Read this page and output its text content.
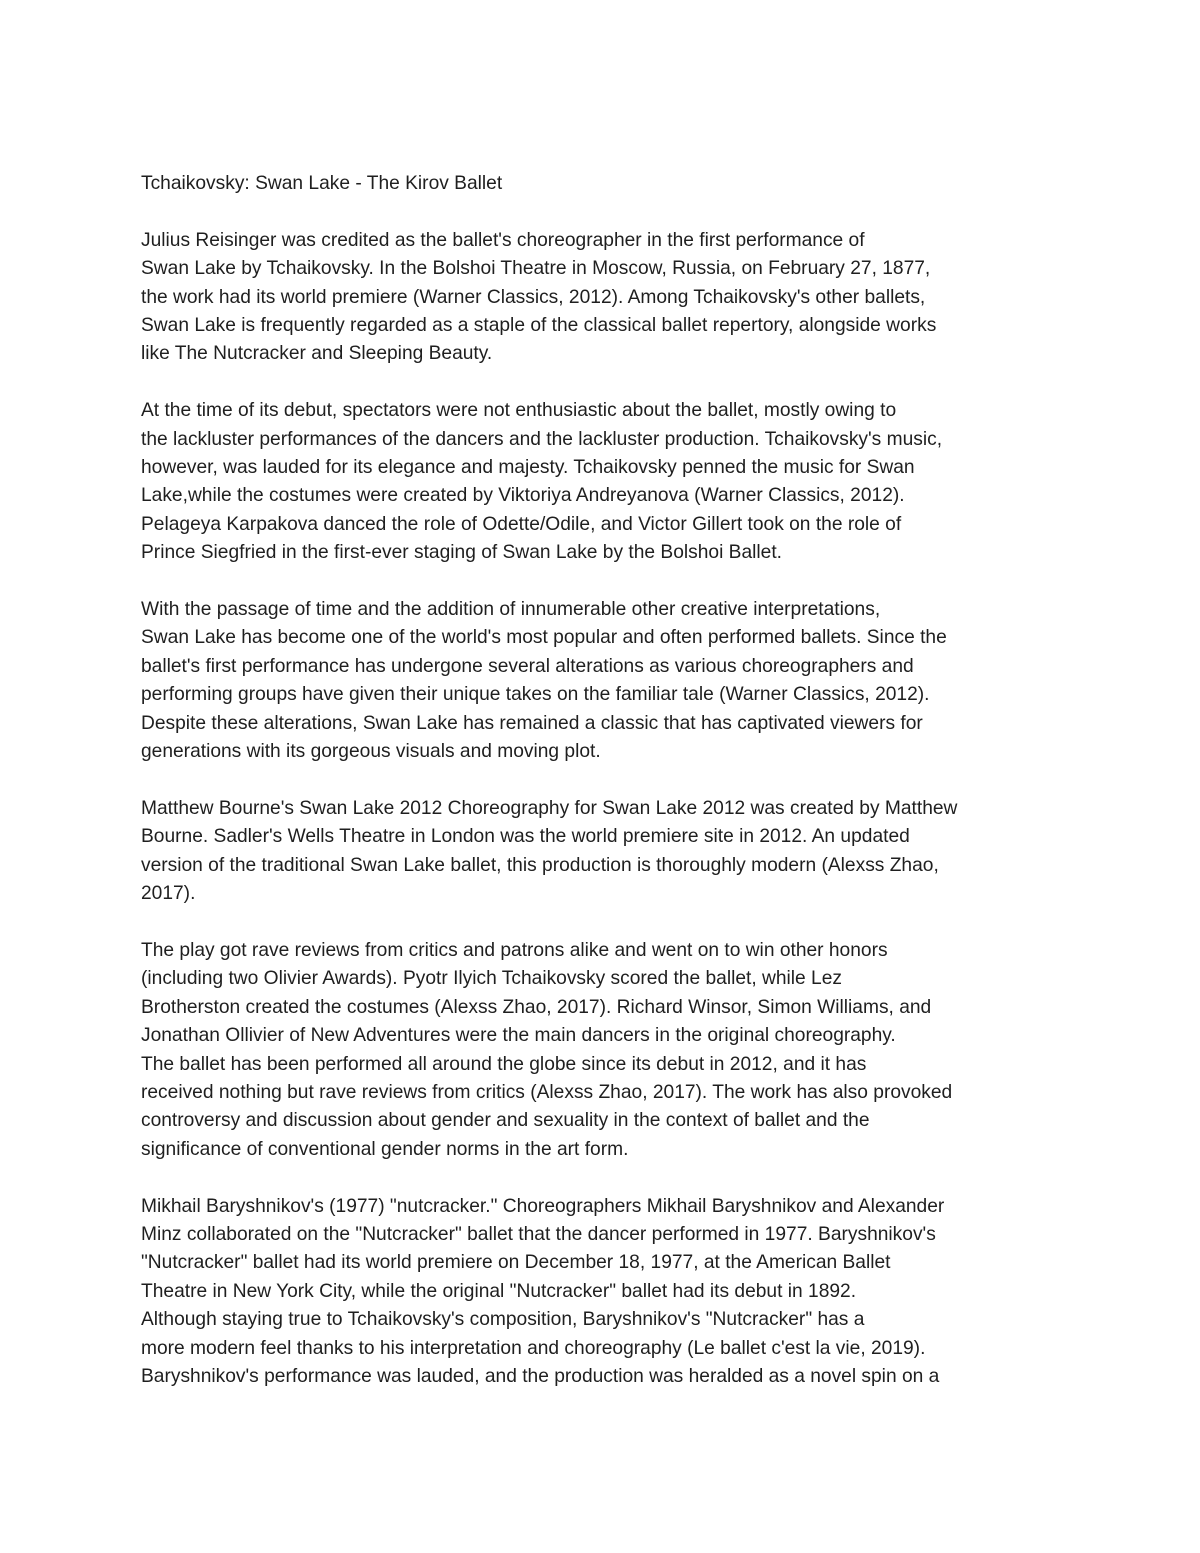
Tchaikovsky: Swan Lake - The Kirov Ballet
Julius Reisinger was credited as the ballet's choreographer in the first performance of
Swan Lake by Tchaikovsky. In the Bolshoi Theatre in Moscow, Russia, on February 27, 1877,
the work had its world premiere (Warner Classics, 2012). Among Tchaikovsky's other ballets,
Swan Lake is frequently regarded as a staple of the classical ballet repertory, alongside works
like The Nutcracker and Sleeping Beauty.
At the time of its debut, spectators were not enthusiastic about the ballet, mostly owing to
the lackluster performances of the dancers and the lackluster production. Tchaikovsky's music,
however, was lauded for its elegance and majesty. Tchaikovsky penned the music for Swan
Lake,while the costumes were created by Viktoriya Andreyanova (Warner Classics, 2012).
Pelageya Karpakova danced the role of Odette/Odile, and Victor Gillert took on the role of
Prince Siegfried in the first-ever staging of Swan Lake by the Bolshoi Ballet.
With the passage of time and the addition of innumerable other creative interpretations,
Swan Lake has become one of the world's most popular and often performed ballets. Since the
ballet's first performance has undergone several alterations as various choreographers and
performing groups have given their unique takes on the familiar tale (Warner Classics, 2012).
Despite these alterations, Swan Lake has remained a classic that has captivated viewers for
generations with its gorgeous visuals and moving plot.
Matthew Bourne's Swan Lake 2012 Choreography for Swan Lake 2012 was created by Matthew
Bourne. Sadler's Wells Theatre in London was the world premiere site in 2012. An updated
version of the traditional Swan Lake ballet, this production is thoroughly modern (Alexss Zhao,
2017).
The play got rave reviews from critics and patrons alike and went on to win other honors
(including two Olivier Awards). Pyotr Ilyich Tchaikovsky scored the ballet, while Lez
Brotherston created the costumes (Alexss Zhao, 2017). Richard Winsor, Simon Williams, and
Jonathan Ollivier of New Adventures were the main dancers in the original choreography.
The ballet has been performed all around the globe since its debut in 2012, and it has
received nothing but rave reviews from critics (Alexss Zhao, 2017). The work has also provoked
controversy and discussion about gender and sexuality in the context of ballet and the
significance of conventional gender norms in the art form.
Mikhail Baryshnikov's (1977) "nutcracker." Choreographers Mikhail Baryshnikov and Alexander
Minz collaborated on the "Nutcracker" ballet that the dancer performed in 1977. Baryshnikov's
"Nutcracker" ballet had its world premiere on December 18, 1977, at the American Ballet
Theatre in New York City, while the original "Nutcracker" ballet had its debut in 1892.
Although staying true to Tchaikovsky's composition, Baryshnikov's "Nutcracker" has a
more modern feel thanks to his interpretation and choreography (Le ballet c'est la vie, 2019).
Baryshnikov's performance was lauded, and the production was heralded as a novel spin on a
